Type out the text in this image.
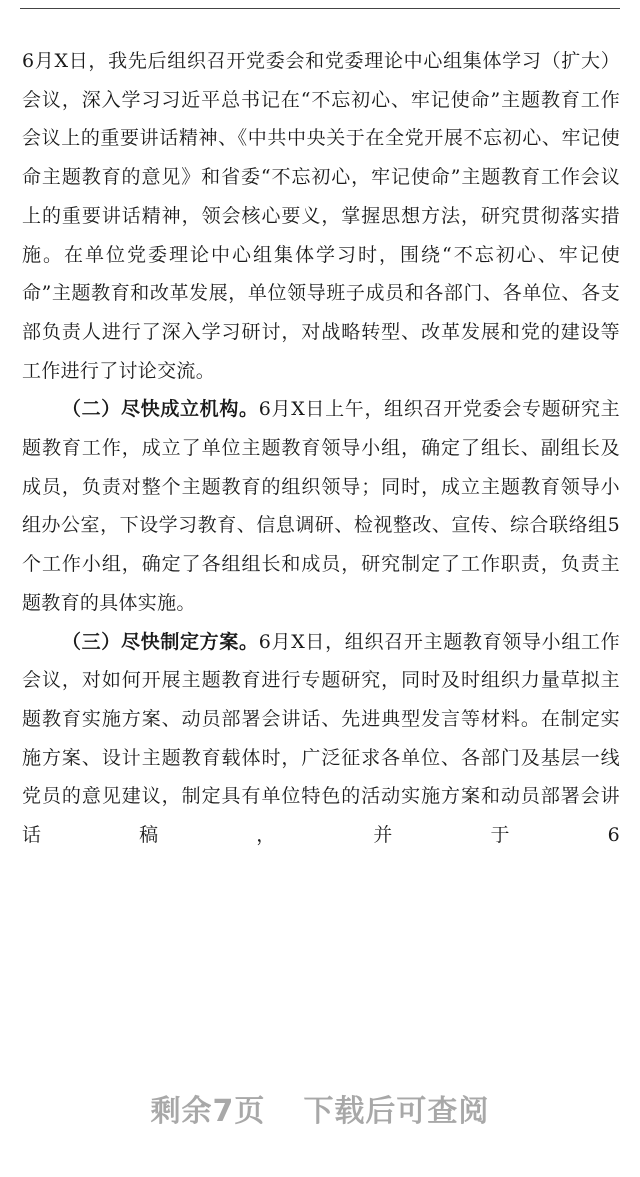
6月X日，我先后组织召开党委会和党委理论中心组集体学习（扩大）会议，深入学习习近平总书记在“不忘初心、牢记使命”主题教育工作会议上的重要讲话精神、《中共中央关于在全党开展不忘初心、牢记使命主题教育的意见》和省委“不忘初心，牢记使命”主题教育工作会议上的重要讲话精神，领会核心要义，掌握思想方法，研究贯彻落实措施。在单位党委理论中心组集体学习时，围绕“不忘初心、牢记使命”主题教育和改革发展，单位领导班子成员和各部门、各单位、各支部负责人进行了深入学习研讨，对战略转型、改革发展和党的建设等工作进行了讨论交流。

（二）尽快成立机构。6月X日上午，组织召开党委会专题研究主题教育工作，成立了单位主题教育领导小组，确定了组长、副组长及成员，负责对整个主题教育的组织领导；同时，成立主题教育领导小组办公室，下设学习教育、信息调研、检视整改、宣传、综合联络组5个工作小组，确定了各组组长和成员，研究制定了工作职责，负责主题教育的具体实施。

（三）尽快制定方案。6月X日，组织召开主题教育领导小组工作会议，对如何开展主题教育进行专题研究，同时及时组织力量草拟主题教育实施方案、动员部署会讲话、先进典型发言等材料。在制定实施方案、设计主题教育载体时，广泛征求各单位、各部门及基层一线党员的意见建议，制定具有单位特色的活动实施方案和动员部署会讲话稿，并于6

剩余7页 下载后可查阅
